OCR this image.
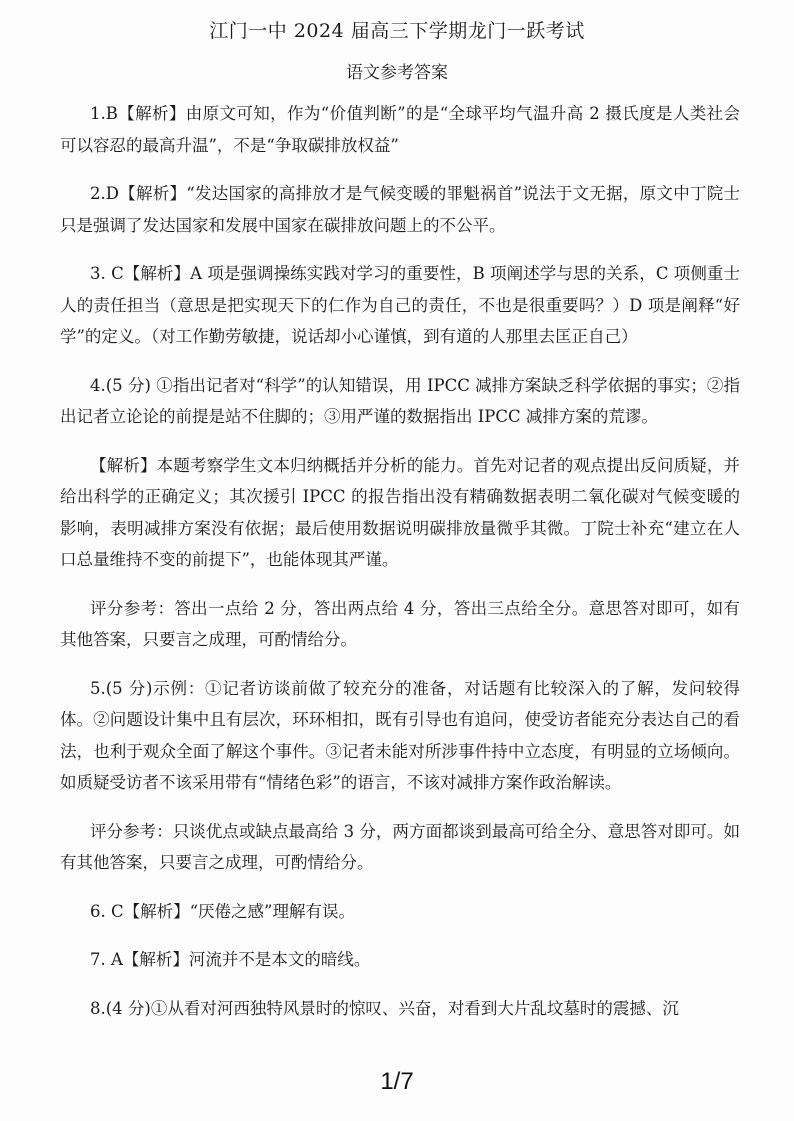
江门一中 2024 届高三下学期龙门一跃考试
语文参考答案

1.B【解析】由原文可知，作为“价值判断”的是“全球平均气温升高 2 摄氏度是人类社会可以容忍的最高升温”，不是“争取碳排放权益”

2.D【解析】“发达国家的高排放才是气候变暖的罪魁祸首”说法于文无据，原文中丁院士只是强调了发达国家和发展中国家在碳排放问题上的不公平。

3. C【解析】A 项是强调操练实践对学习的重要性，B 项阐述学与思的关系，C 项侧重士人的责任担当（意思是把实现天下的仁作为自己的责任，不也是很重要吗？）D 项是阐释“好学”的定义。（对工作勤劳敏捷，说话却小心谨慎，到有道的人那里去匡正自己）

4.(5 分) ①指出记者对“科学”的认知错误，用 IPCC 减排方案缺乏科学依据的事实；②指出记者立论论的前提是站不住脚的；③用严谨的数据指出 IPCC 减排方案的荒谬。

【解析】本题考察学生文本归纳概括并分析的能力。首先对记者的观点提出反问质疑，并给出科学的正确定义；其次援引 IPCC 的报告指出没有精确数据表明二氧化碳对气候变暖的影响，表明减排方案没有依据；最后使用数据说明碳排放量微乎其微。丁院士补充“建立在人口总量维持不变的前提下”，也能体现其严谨。

评分参考：答出一点给 2 分，答出两点给 4 分，答出三点给全分。意思答对即可，如有其他答案，只要言之成理，可酌情给分。

5.(5 分)示例：①记者访谈前做了较充分的准备，对话题有比较深入的了解，发问较得体。②问题设计集中且有层次，环环相扣，既有引导也有追问，使受访者能充分表达自己的看法，也利于观众全面了解这个事件。③记者未能对所涉事件持中立态度，有明显的立场倾向。如质疑受访者不该采用带有“情绪色彩”的语言，不该对减排方案作政治解读。

评分参考：只谈优点或缺点最高给 3 分，两方面都谈到最高可给全分、意思答对即可。如有其他答案，只要言之成理，可酌情给分。

6. C【解析】“厌倦之感”理解有误。

7. A【解析】河流并不是本文的暗线。

8.(4 分)①从看对河西独特风景时的惊叹、兴奋，对看到大片乱坟墓时的震撼、沉

1/7
